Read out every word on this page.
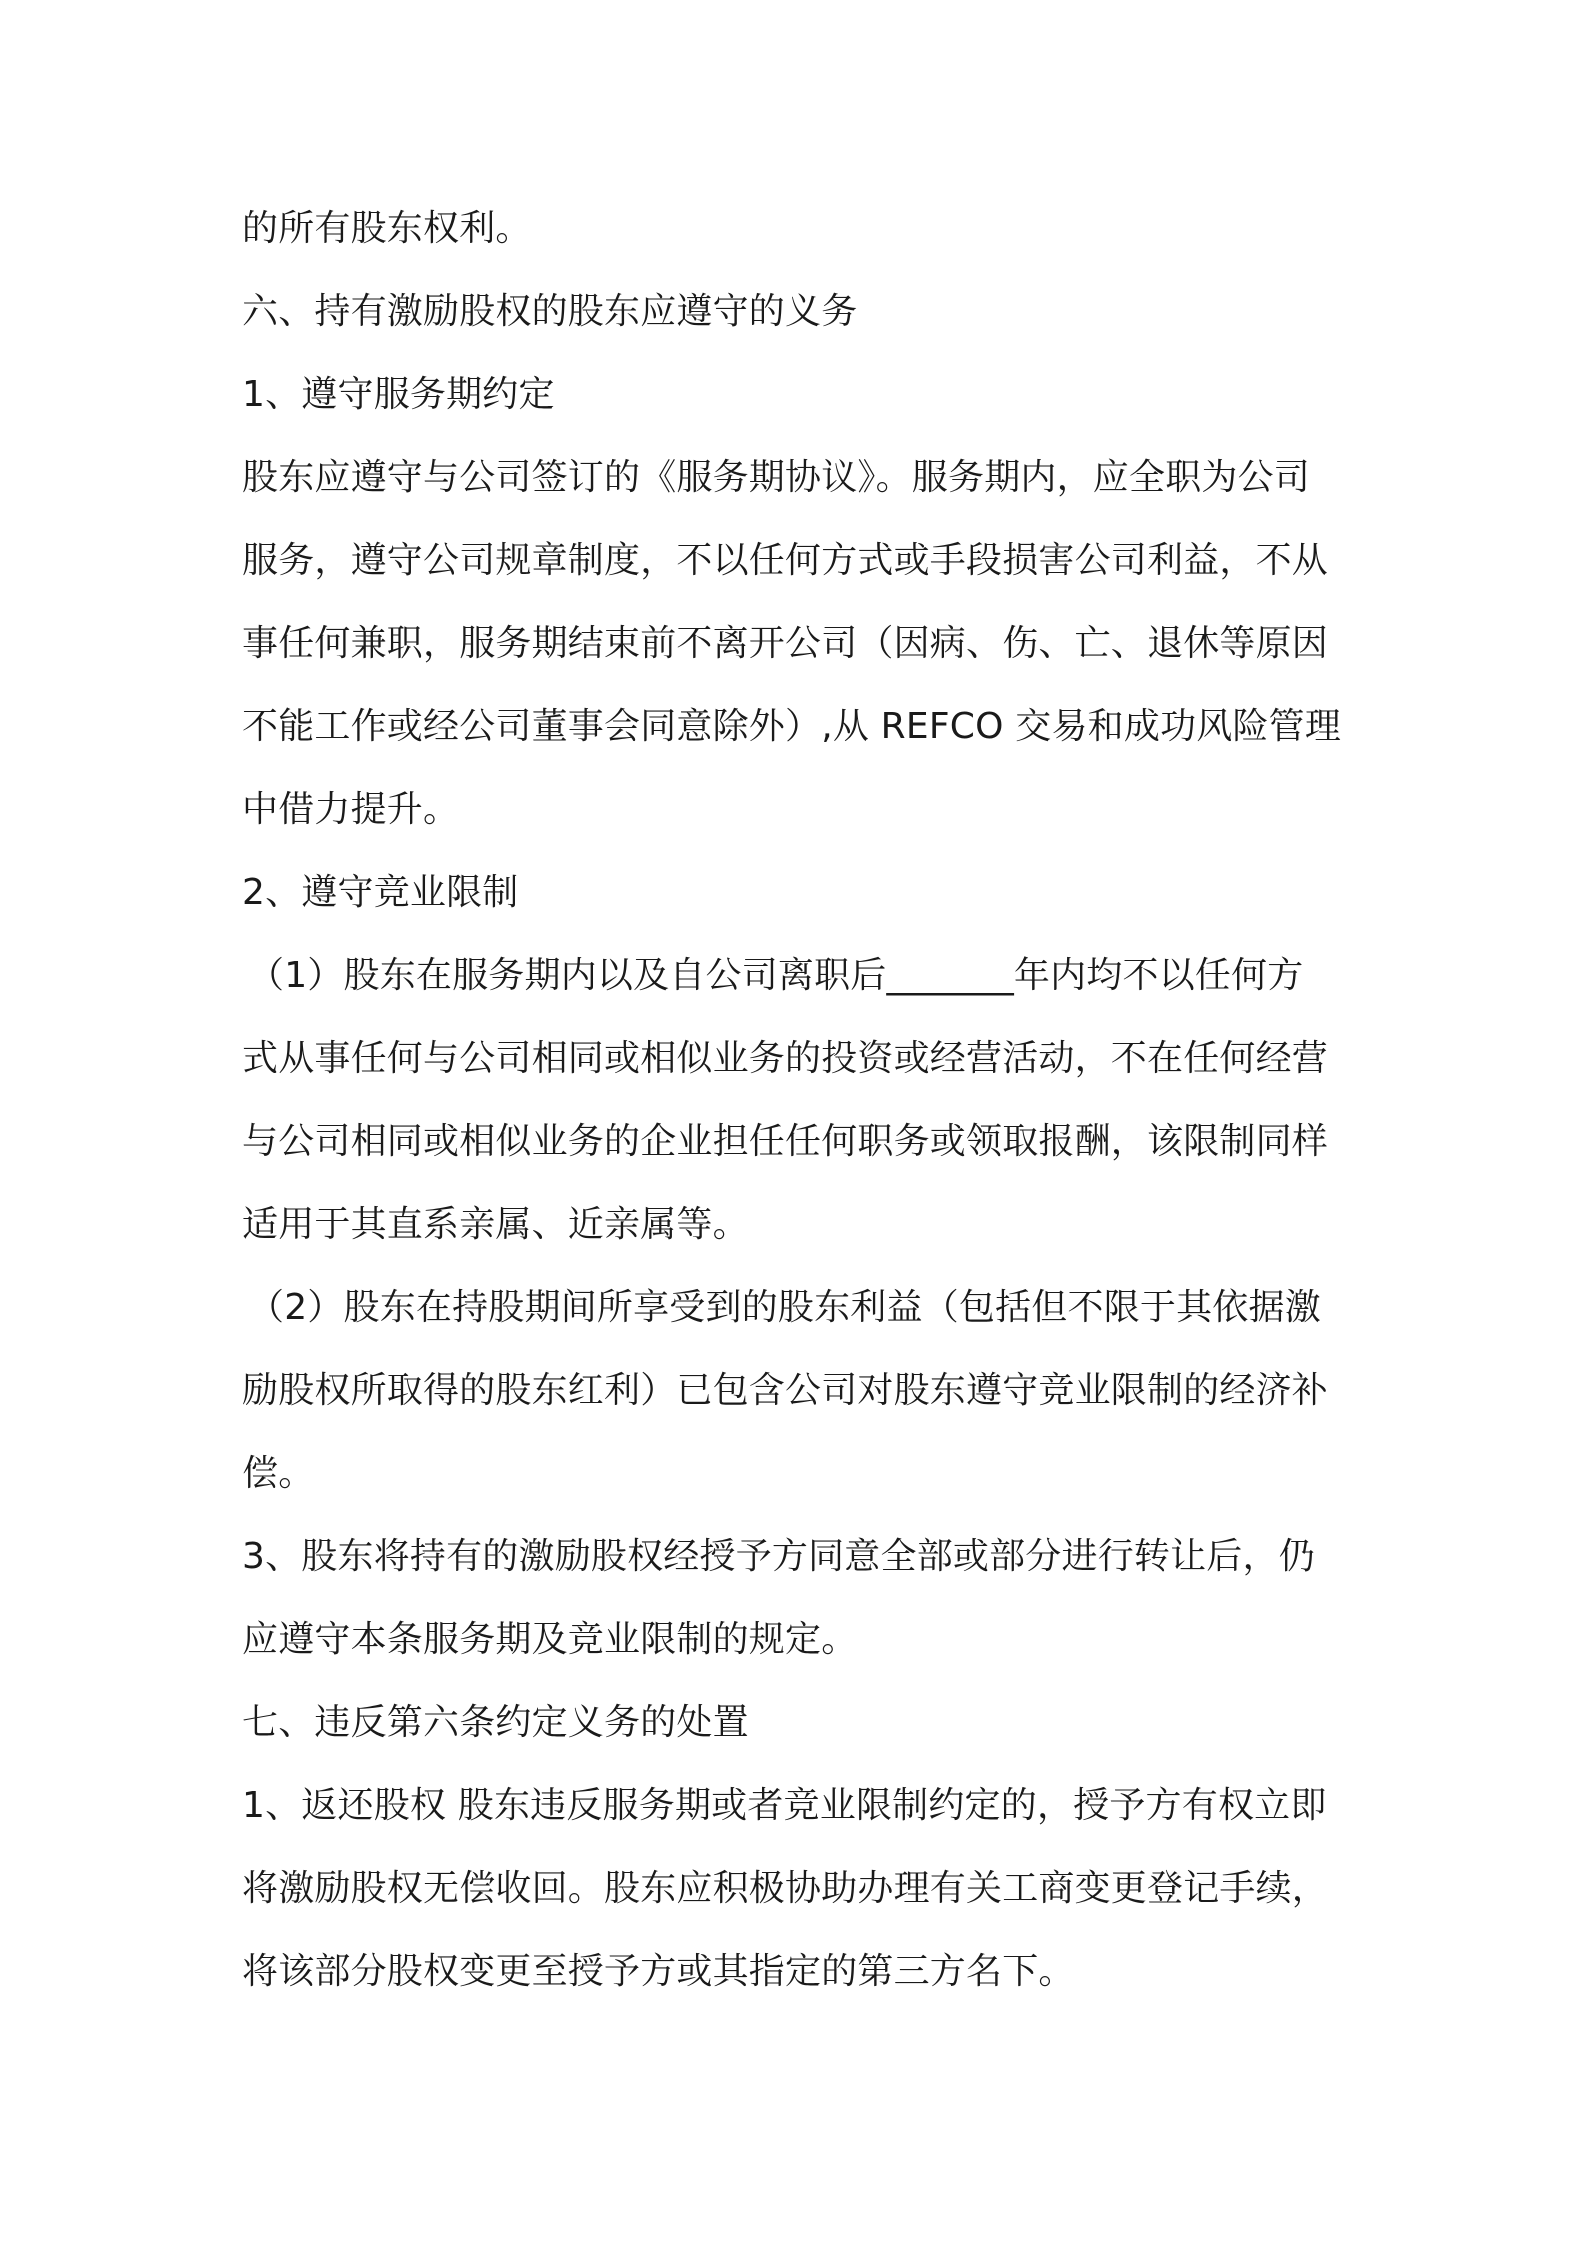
的所有股东权利。
六、持有激励股权的股东应遵守的义务
1、遵守服务期约定
股东应遵守与公司签订的《服务期协议》。服务期内，应全职为公司
服务，遵守公司规章制度，不以任何方式或手段损害公司利益，不从
事任何兼职，服务期结束前不离开公司（因病、伤、亡、退休等原因
不能工作或经公司董事会同意除外）,从 REFCO 交易和成功风险管理
中借力提升。
2、遵守竞业限制
（1）股东在服务期内以及自公司离职后_______年内均不以任何方
式从事任何与公司相同或相似业务的投资或经营活动，不在任何经营
与公司相同或相似业务的企业担任任何职务或领取报酬，该限制同样
适用于其直系亲属、近亲属等。
（2）股东在持股期间所享受到的股东利益（包括但不限于其依据激
励股权所取得的股东红利）已包含公司对股东遵守竞业限制的经济补
偿。
3、股东将持有的激励股权经授予方同意全部或部分进行转让后，仍
应遵守本条服务期及竞业限制的规定。
七、违反第六条约定义务的处置
1、返还股权 股东违反服务期或者竞业限制约定的，授予方有权立即
将激励股权无偿收回。股东应积极协助办理有关工商变更登记手续，
将该部分股权变更至授予方或其指定的第三方名下。
